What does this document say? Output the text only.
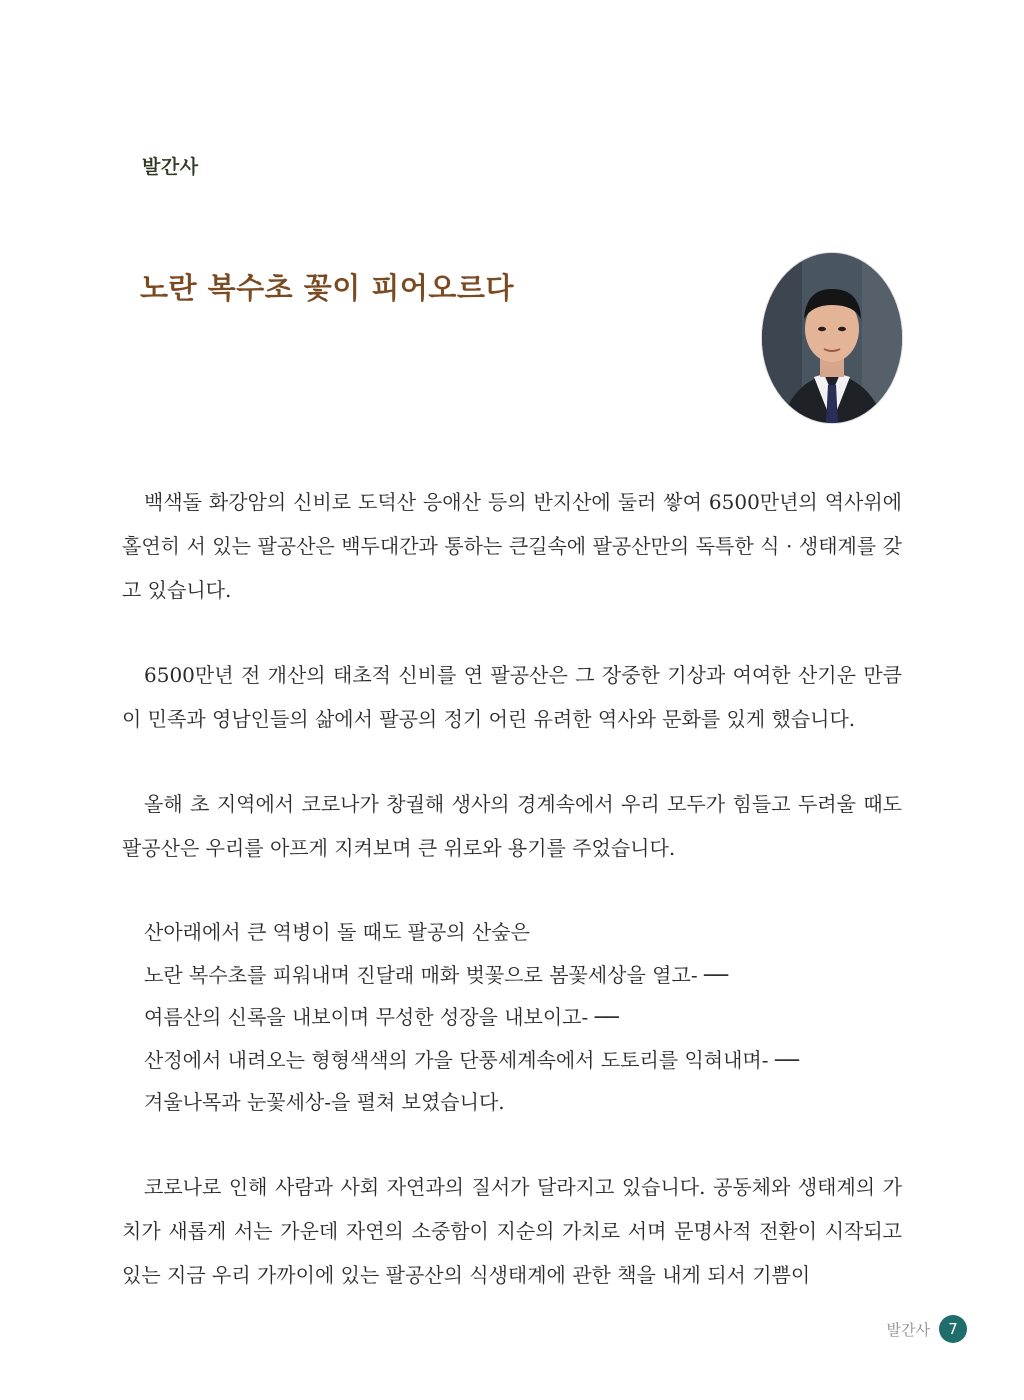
발간사
노란 복수초 꽃이 피어오르다

백색돌 화강암의 신비로 도덕산 응애산 등의 반지산에 둘러 쌓여 6500만년의 역사위에 홀연히 서 있는 팔공산은 백두대간과 통하는 큰길속에 팔공산만의 독특한 식 · 생태계를 갖고 있습니다.

6500만년 전 개산의 태초적 신비를 연 팔공산은 그 장중한 기상과 여여한 산기운 만큼이 민족과 영남인들의 삶에서 팔공의 정기 어린 유려한 역사와 문화를 있게 했습니다.

올해 초 지역에서 코로나가 창궐해 생사의 경계속에서 우리 모두가 힘들고 두려울 때도 팔공산은 우리를 아프게 지켜보며 큰 위로와 용기를 주었습니다.

산아래에서 큰 역병이 돌 때도 팔공의 산숲은
노란 복수초를 피워내며 진달래 매화 벚꽃으로 봄꽃세상을 열고- ──
여름산의 신록을 내보이며 무성한 성장을 내보이고- ──
산정에서 내려오는 형형색색의 가을 단풍세계속에서 도토리를 익혀내며- ──
겨울나목과 눈꽃세상-을 펼쳐 보였습니다.

코로나로 인해 사람과 사회 자연과의 질서가 달라지고 있습니다. 공동체와 생태계의 가치가 새롭게 서는 가운데 자연의 소중함이 지순의 가치로 서며 문명사적 전환이 시작되고 있는 지금 우리 가까이에 있는 팔공산의 식생태계에 관한 책을 내게 되서 기쁨이

발간사	7
